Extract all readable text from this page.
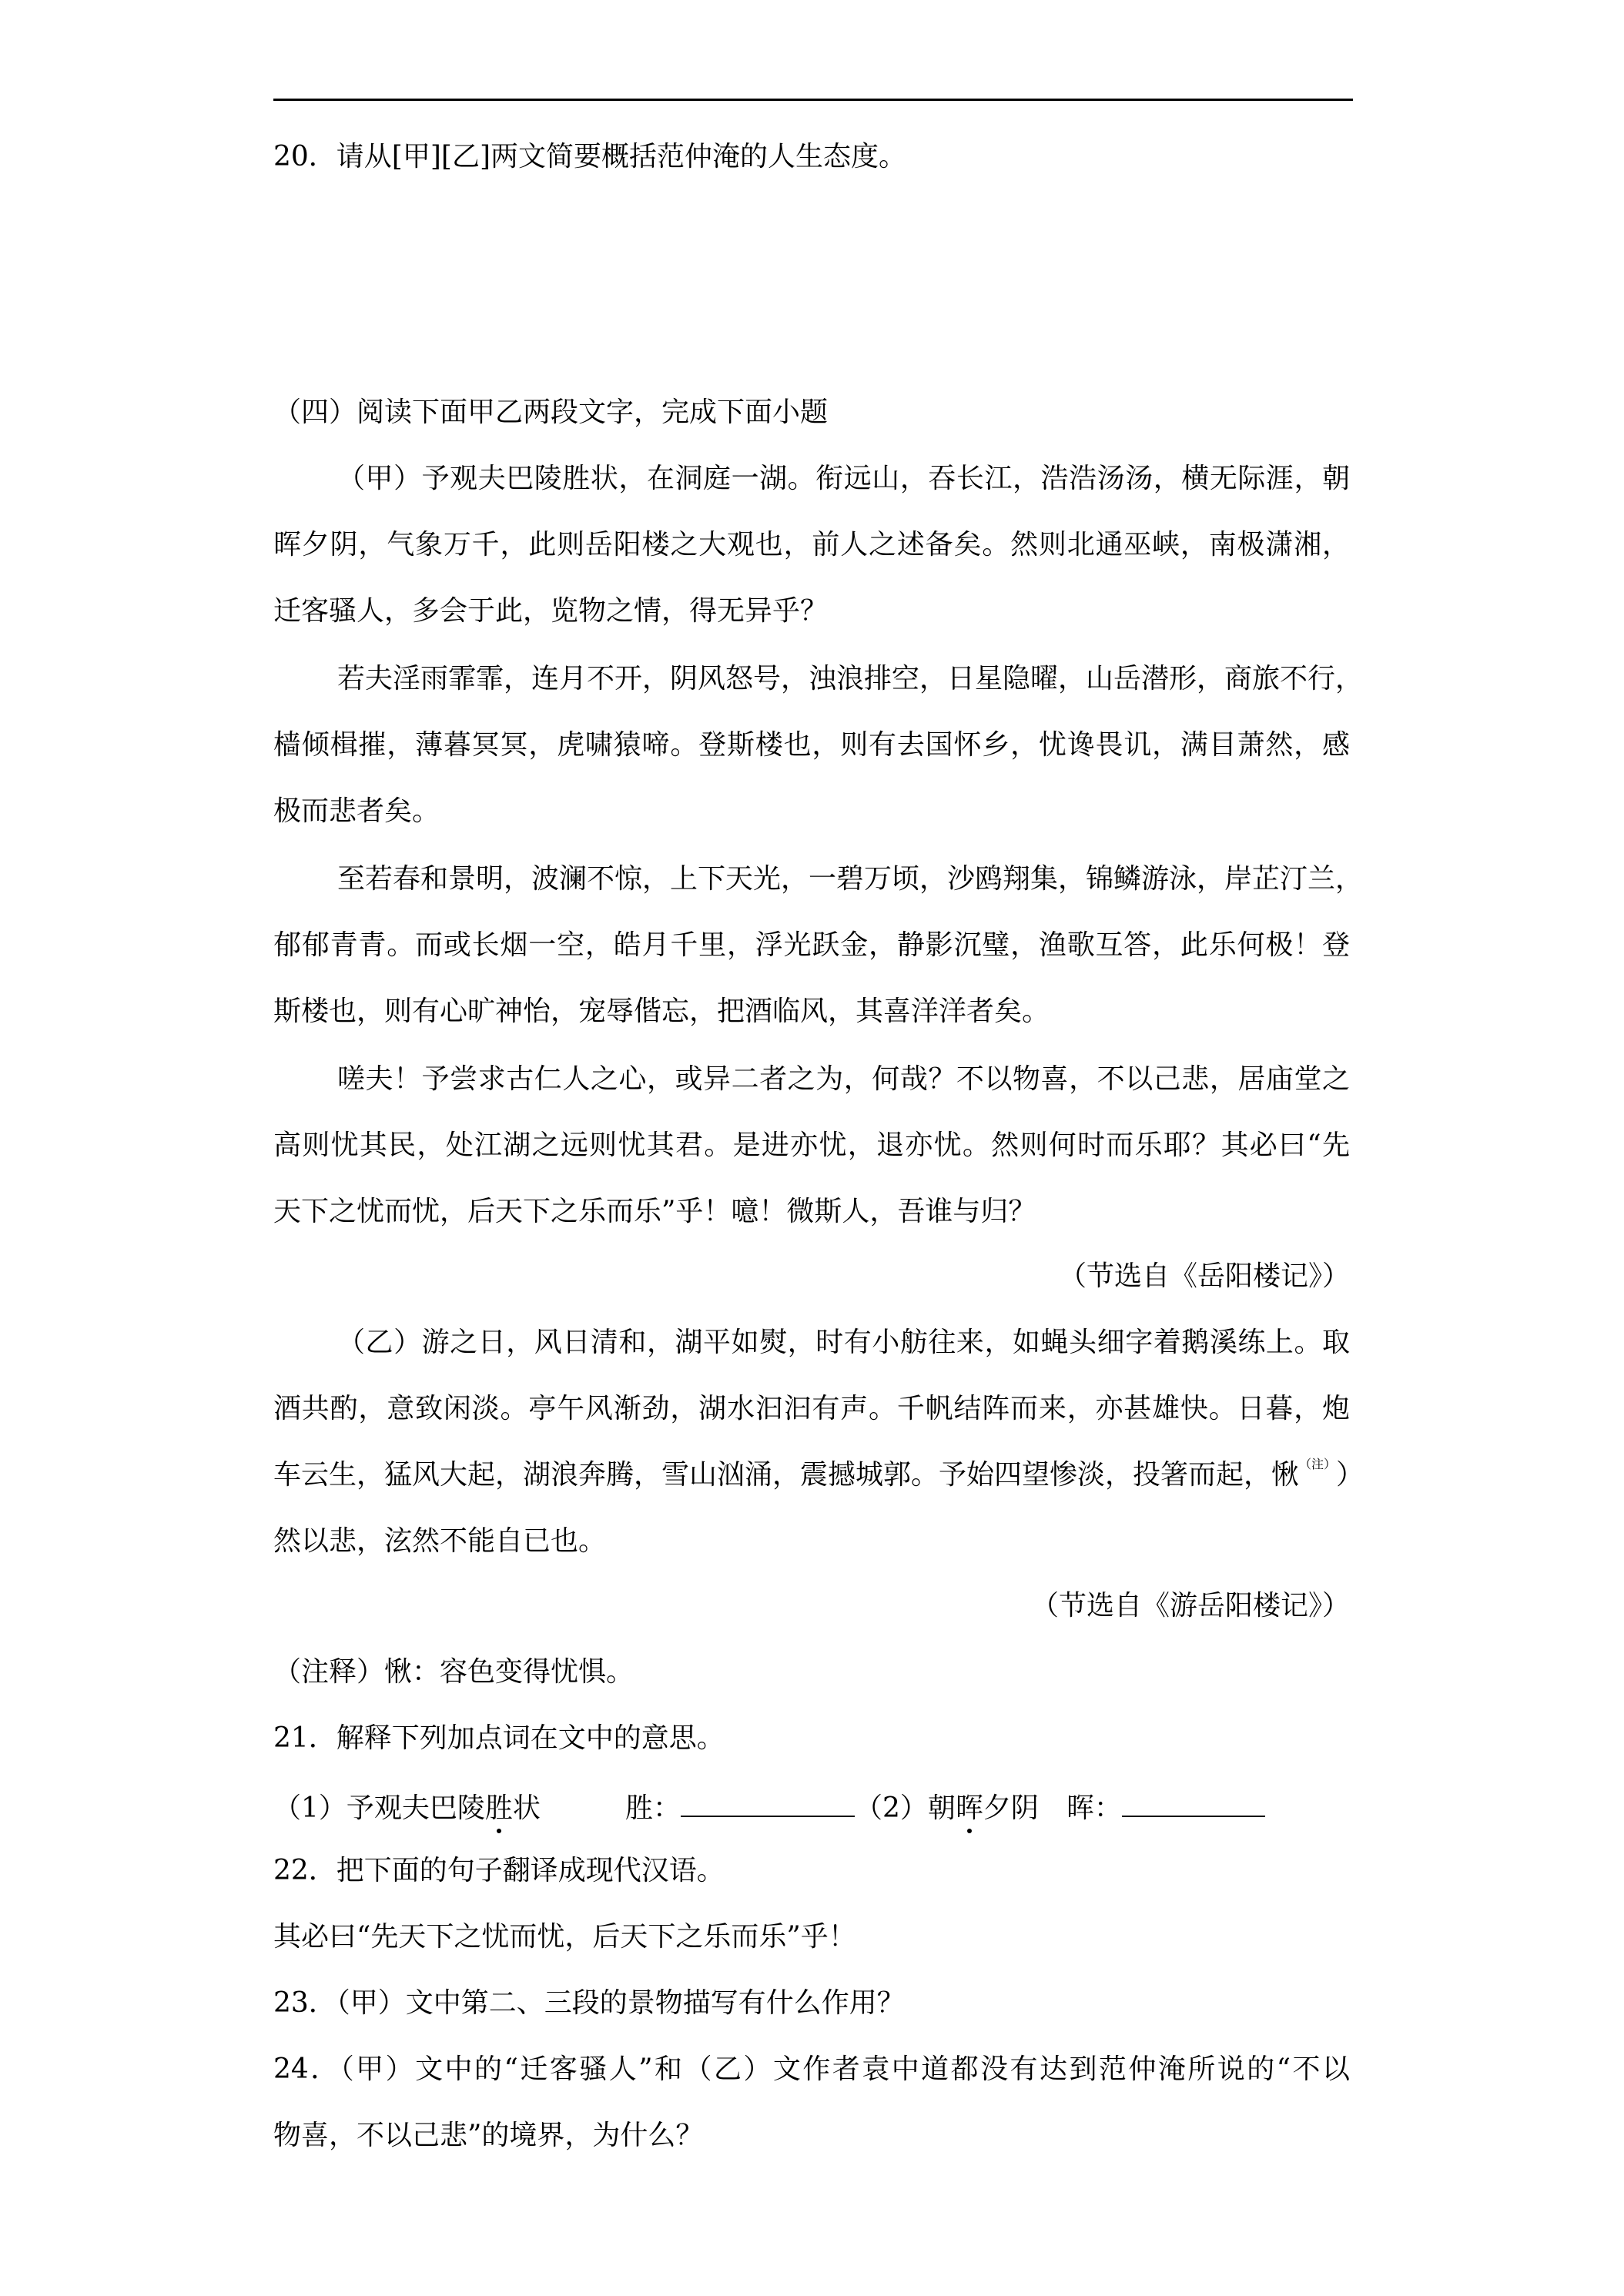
20．请从[甲][乙]两文简要概括范仲淹的人生态度。

（四）阅读下面甲乙两段文字，完成下面小题

（甲）予观夫巴陵胜状，在洞庭一湖。衔远山，吞长江，浩浩汤汤，横无际涯，朝

晖夕阴，气象万千，此则岳阳楼之大观也，前人之述备矣。然则北通巫峡，南极潇湘，

迁客骚人，多会于此，览物之情，得无异乎？

若夫淫雨霏霏，连月不开，阴风怒号，浊浪排空，日星隐曜，山岳潜形，商旅不行，

樯倾楫摧，薄暮冥冥，虎啸猿啼。登斯楼也，则有去国怀乡，忧谗畏讥，满目萧然，感

极而悲者矣。

至若春和景明，波澜不惊，上下天光，一碧万顷，沙鸥翔集，锦鳞游泳，岸芷汀兰，

郁郁青青。而或长烟一空，皓月千里，浮光跃金，静影沉璧，渔歌互答，此乐何极！登

斯楼也，则有心旷神怡，宠辱偕忘，把酒临风，其喜洋洋者矣。

嗟夫！予尝求古仁人之心，或异二者之为，何哉？不以物喜，不以己悲，居庙堂之

高则忧其民，处江湖之远则忧其君。是进亦忧，退亦忧。然则何时而乐耶？其必曰“先

天下之忧而忧，后天下之乐而乐”乎！噫！微斯人，吾谁与归？

（节选自《岳阳楼记》）

（乙）游之日，风日清和，湖平如熨，时有小舫往来，如蝇头细字着鹅溪练上。取

酒共酌，意致闲淡。亭午风渐劲，湖水汩汩有声。千帆结阵而来，亦甚雄快。日暮，炮

车云生，猛风大起，湖浪奔腾，雪山汹涌，震撼城郭。予始四望惨淡，投箸而起，愀 （注） ）

然以悲，泫然不能自已也。

（节选自《游岳阳楼记》）

（注释）愀：容色变得忧惧。

21．解释下列加点词在文中的意思。

（1）予观夫巴陵胜状	胜：	（2）朝晖夕阴 晖：

22．把下面的句子翻译成现代汉语。

其必曰“先天下之忧而忧，后天下之乐而乐”乎！

23．（甲）文中第二、三段的景物描写有什么作用？

24．（甲）文中的“迁客骚人”和（乙）文作者袁中道都没有达到范仲淹所说的“不以

物喜，不以己悲”的境界，为什么？
